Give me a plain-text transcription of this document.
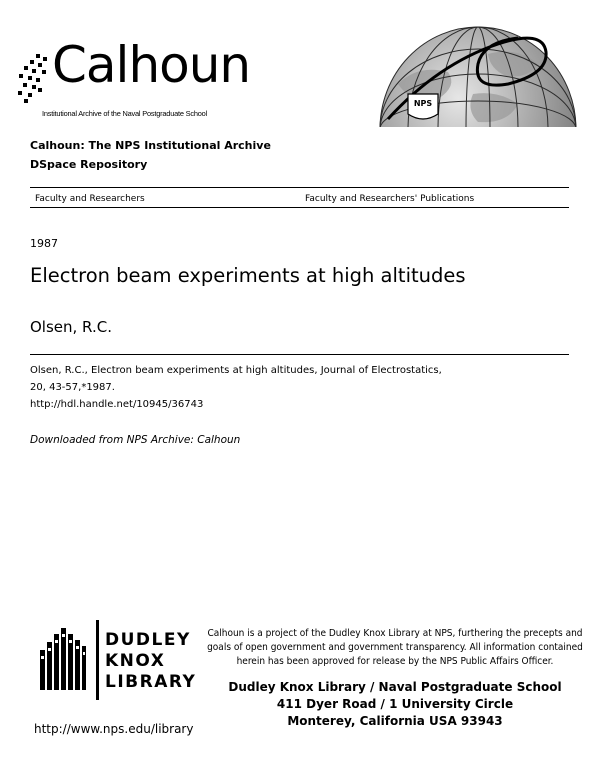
Calhoun
Institutional Archive of the Naval Postgraduate School
NPS
Calhoun: The NPS Institutional Archive
DSpace Repository
Faculty and Researchers	Faculty and Researchers' Publications
1987
Electron beam experiments at high altitudes
Olsen, R.C.
Olsen, R.C., Electron beam experiments at high altitudes, Journal of Electrostatics,
20, 43-57,*1987.
http://hdl.handle.net/10945/36743
Downloaded from NPS Archive: Calhoun
DUDLEY
KNOX
LIBRARY
http://www.nps.edu/library
Calhoun is a project of the Dudley Knox Library at NPS, furthering the precepts and
goals of open government and government transparency. All information contained
herein has been approved for release by the NPS Public Affairs Officer.
Dudley Knox Library / Naval Postgraduate School
411 Dyer Road / 1 University Circle
Monterey, California USA 93943
